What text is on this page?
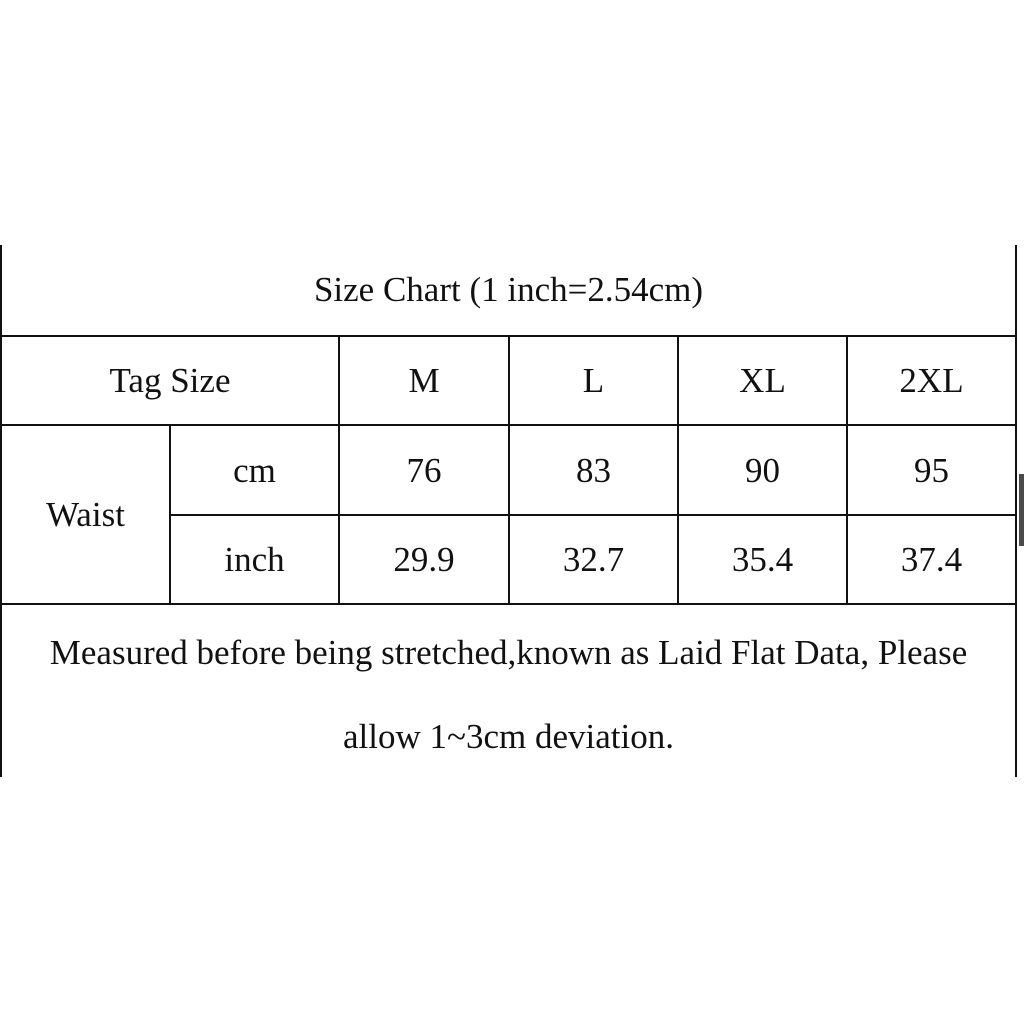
Size Chart (1 inch=2.54cm)
Tag Size	M	L	XL	2XL
Waist
cm	76	83	90	95
inch	29.9	32.7	35.4	37.4
Measured before being stretched,known as Laid Flat Data, Please
allow 1~3cm deviation.
